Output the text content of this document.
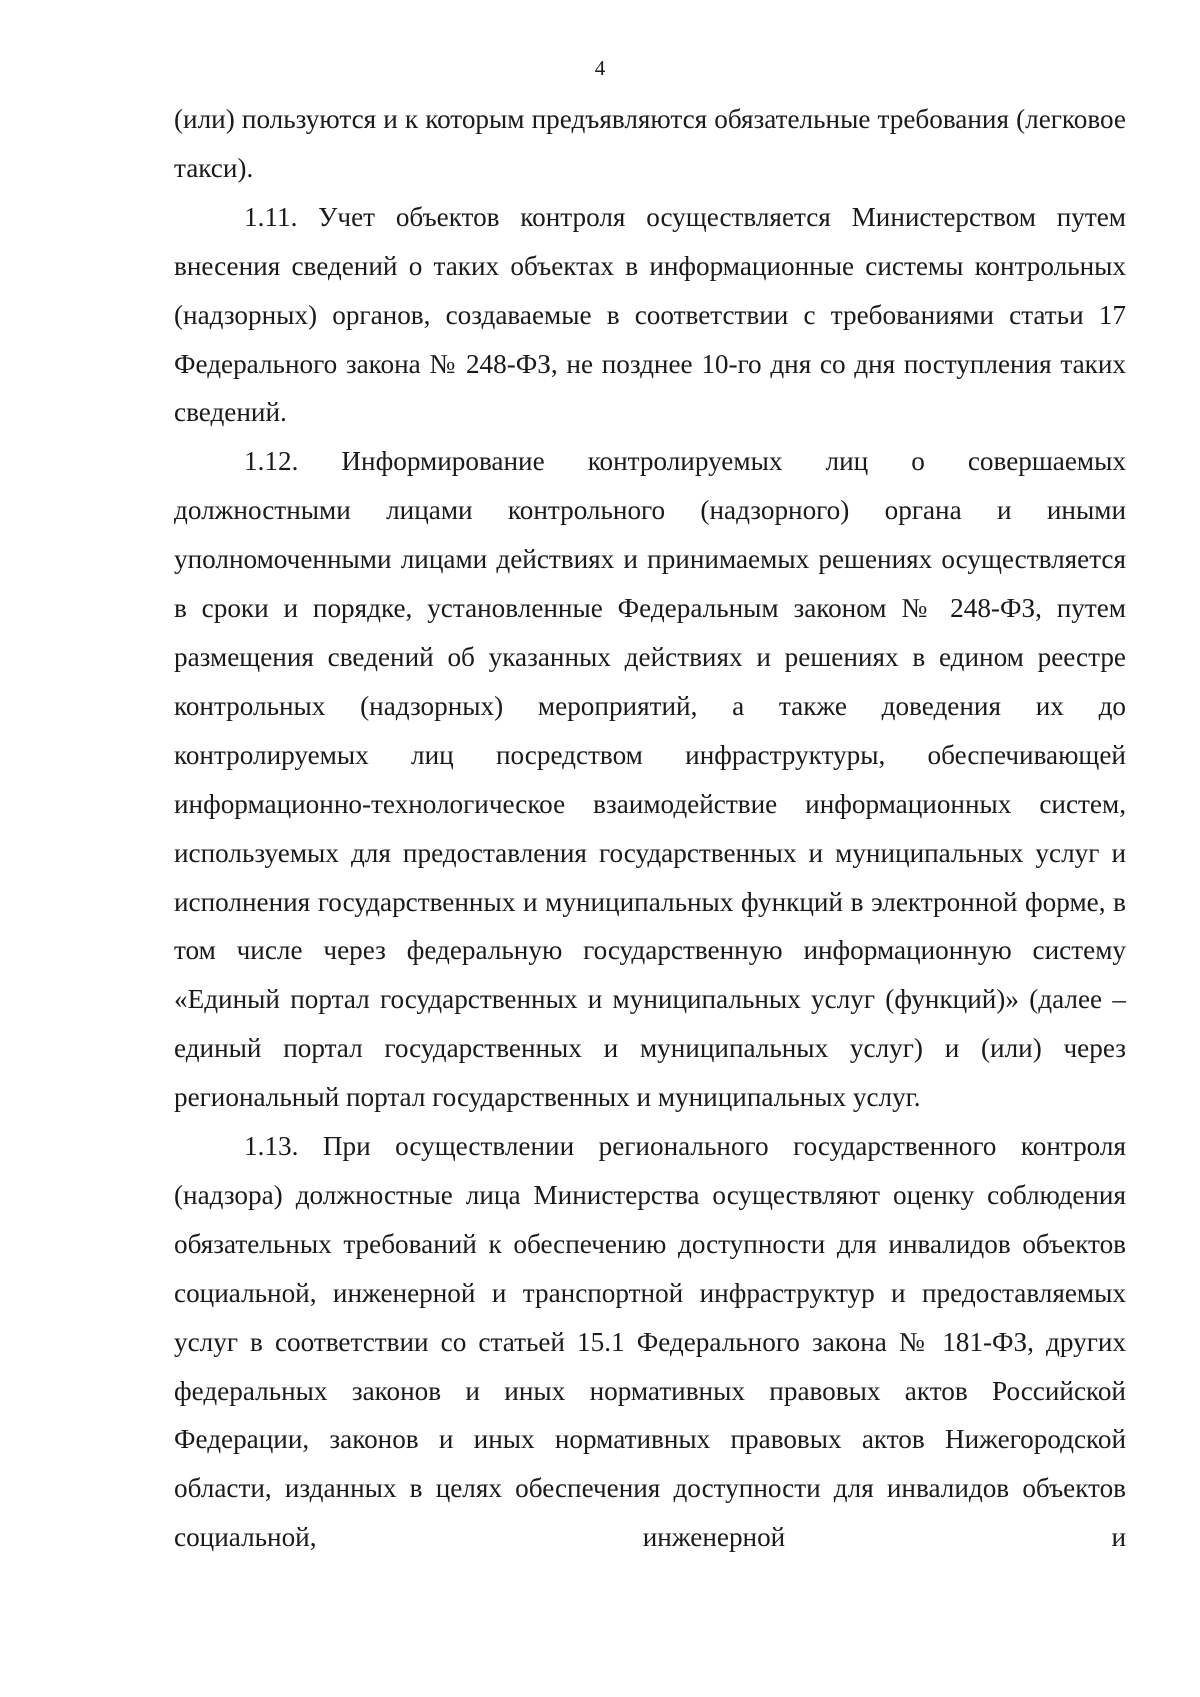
4

(или) пользуются и к которым предъявляются обязательные требования (легковое такси).

1.11. Учет объектов контроля осуществляется Министерством путем внесения сведений о таких объектах в информационные системы контрольных (надзорных) органов, создаваемые в соответствии с требованиями статьи 17 Федерального закона № 248-ФЗ, не позднее 10-го дня со дня поступления таких сведений.

1.12. Информирование контролируемых лиц о совершаемых должностными лицами контрольного (надзорного) органа и иными уполномоченными лицами действиях и принимаемых решениях осуществляется в сроки и порядке, установленные Федеральным законом № 248-ФЗ, путем размещения сведений об указанных действиях и решениях в едином реестре контрольных (надзорных) мероприятий, а также доведения их до контролируемых лиц посредством инфраструктуры, обеспечивающей информационно-технологическое взаимодействие информационных систем, используемых для предоставления государственных и муниципальных услуг и исполнения государственных и муниципальных функций в электронной форме, в том числе через федеральную государственную информационную систему «Единый портал государственных и муниципальных услуг (функций)» (далее – единый портал государственных и муниципальных услуг) и (или) через региональный портал государственных и муниципальных услуг.

1.13. При осуществлении регионального государственного контроля (надзора) должностные лица Министерства осуществляют оценку соблюдения обязательных требований к обеспечению доступности для инвалидов объектов социальной, инженерной и транспортной инфраструктур и предоставляемых услуг в соответствии со статьей 15.1 Федерального закона № 181-ФЗ, других федеральных законов и иных нормативных правовых актов Российской Федерации, законов и иных нормативных правовых актов Нижегородской области, изданных в целях обеспечения доступности для инвалидов объектов социальной, инженерной и
